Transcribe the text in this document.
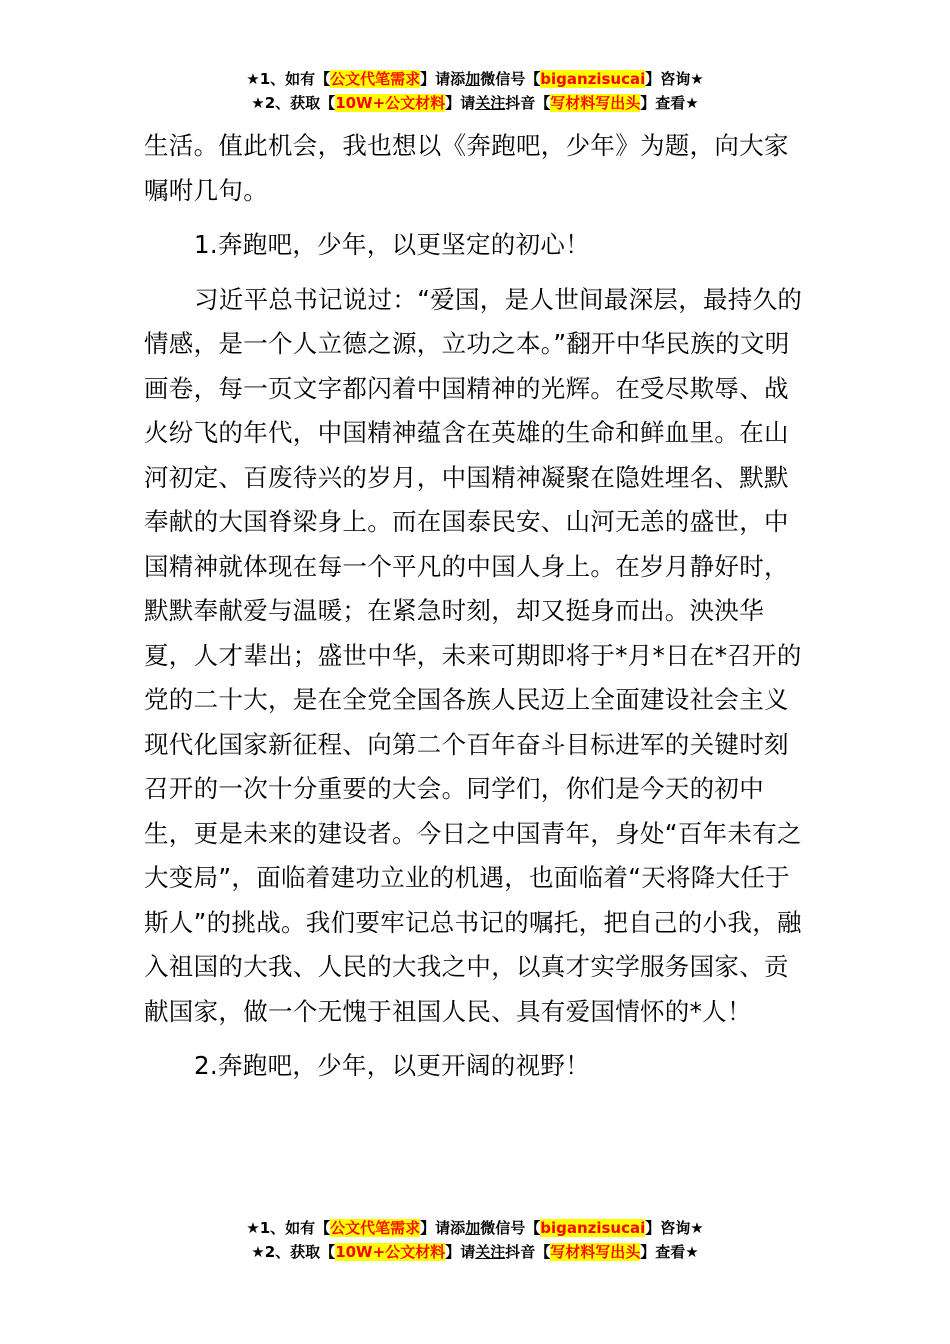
★1、如有【公文代笔需求】请添加微信号【biganzisucai】咨询★
★2、获取【10W+公文材料】请关注抖音【写材料写出头】查看★

生活。值此机会，我也想以《奔跑吧，少年》为题，向大家嘱咐几句。

1.奔跑吧，少年，以更坚定的初心！

习近平总书记说过：“爱国，是人世间最深层，最持久的情感，是一个人立德之源，立功之本。”翻开中华民族的文明画卷，每一页文字都闪着中国精神的光辉。在受尽欺辱、战火纷飞的年代，中国精神蕴含在英雄的生命和鲜血里。在山河初定、百废待兴的岁月，中国精神凝聚在隐姓埋名、默默奉献的大国脊梁身上。而在国泰民安、山河无恙的盛世，中国精神就体现在每一个平凡的中国人身上。在岁月静好时，默默奉献爱与温暖；在紧急时刻，却又挺身而出。泱泱华夏，人才辈出；盛世中华，未来可期即将于*月*日在*召开的党的二十大，是在全党全国各族人民迈上全面建设社会主义现代化国家新征程、向第二个百年奋斗目标进军的关键时刻召开的一次十分重要的大会。同学们，你们是今天的初中生，更是未来的建设者。今日之中国青年，身处“百年未有之大变局”，面临着建功立业的机遇，也面临着“天将降大任于斯人”的挑战。我们要牢记总书记的嘱托，把自己的小我，融入祖国的大我、人民的大我之中，以真才实学服务国家、贡献国家，做一个无愧于祖国人民、具有爱国情怀的*人！

2.奔跑吧，少年，以更开阔的视野！

★1、如有【公文代笔需求】请添加微信号【biganzisucai】咨询★
★2、获取【10W+公文材料】请关注抖音【写材料写出头】查看★
